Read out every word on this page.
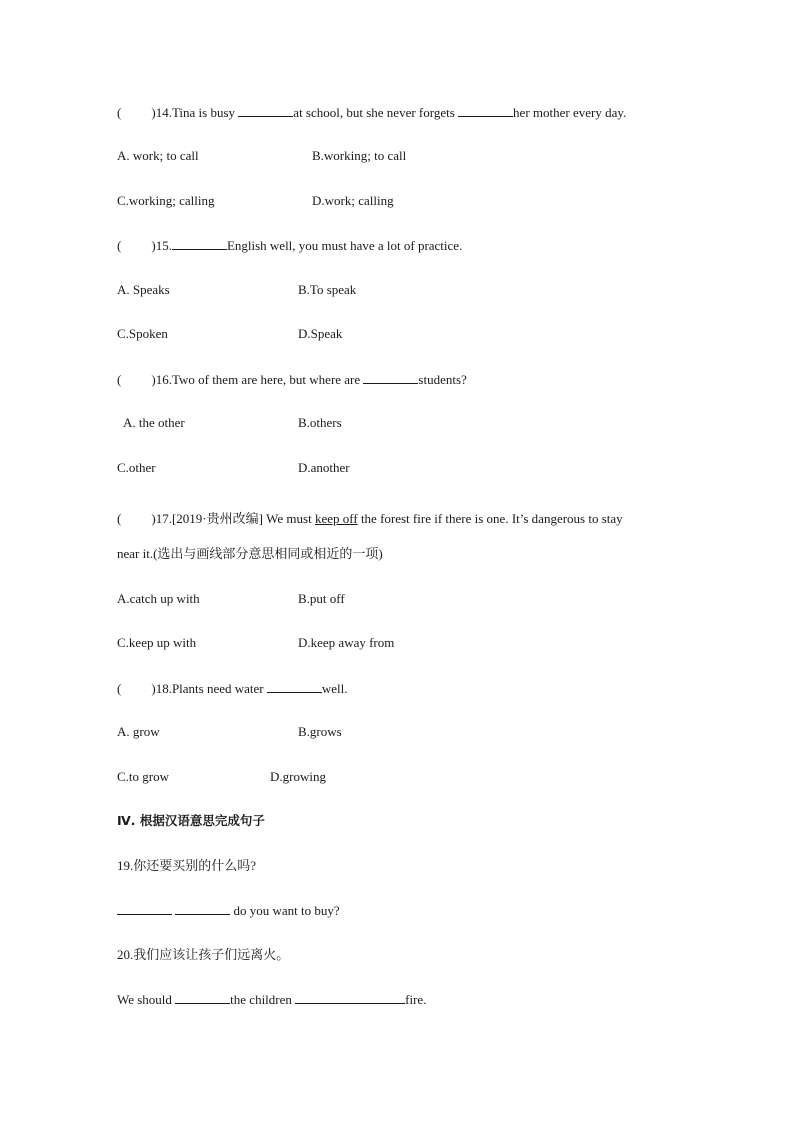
( )14.Tina is busy	at school, but she never forgets	her mother every day.
A. work; to call	B.working; to call
C.working; calling	D.work; calling
( )15.	English well, you must have a lot of practice.
A. Speaks	B.To speak
C.Spoken	D.Speak
( )16.Two of them are here, but where are	students?
A. the other	B.others
C.other	D.another
( )17.[2019·贵州改编] We must keep off the forest fire if there is one. It’s dangerous to stay
near it.(选出与画线部分意思相同或相近的一项)
A.catch up with	B.put off
C.keep up with	D.keep away from
( )18.Plants need water	well.
A. grow	B.grows
C.to grow	D.growing
Ⅳ. 根据汉语意思完成句子
19.你还要买别的什么吗?
do you want to buy?
20.我们应该让孩子们远离火。
We should	the children	fire.
